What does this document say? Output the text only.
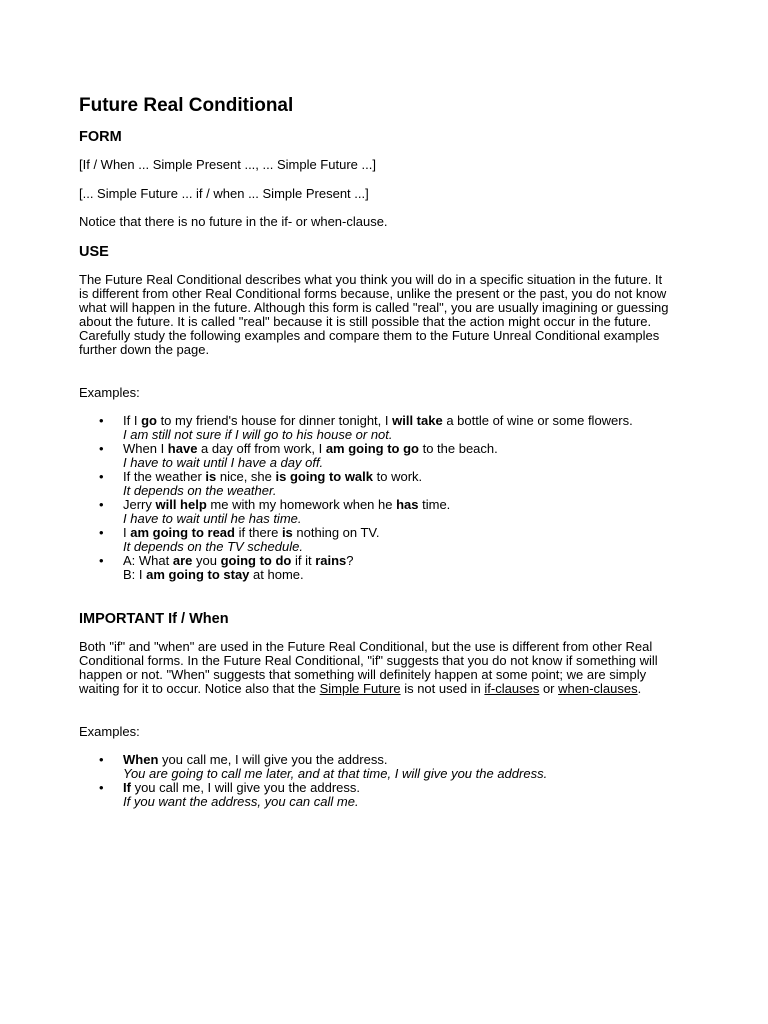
Future Real Conditional
FORM

[If / When ... Simple Present ..., ... Simple Future ...]

[... Simple Future ... if / when ... Simple Present ...]

Notice that there is no future in the if- or when-clause.

USE

The Future Real Conditional describes what you think you will do in a specific situation in the future. It is different from other Real Conditional forms because, unlike the present or the past, you do not know what will happen in the future. Although this form is called "real", you are usually imagining or guessing about the future. It is called "real" because it is still possible that the action might occur in the future. Carefully study the following examples and compare them to the Future Unreal Conditional examples further down the page.

Examples:

• If I go to my friend's house for dinner tonight, I will take a bottle of wine or some flowers.
I am still not sure if I will go to his house or not.
• When I have a day off from work, I am going to go to the beach.
I have to wait until I have a day off.
• If the weather is nice, she is going to walk to work.
It depends on the weather.
• Jerry will help me with my homework when he has time.
I have to wait until he has time.
• I am going to read if there is nothing on TV.
It depends on the TV schedule.
• A: What are you going to do if it rains?
B: I am going to stay at home.
IMPORTANT If / When

Both "if" and "when" are used in the Future Real Conditional, but the use is different from other Real Conditional forms. In the Future Real Conditional, "if" suggests that you do not know if something will happen or not. "When" suggests that something will definitely happen at some point; we are simply waiting for it to occur. Notice also that the Simple Future is not used in if-clauses or when-clauses.

Examples:

• When you call me, I will give you the address.
You are going to call me later, and at that time, I will give you the address.
• If you call me, I will give you the address.
If you want the address, you can call me.
